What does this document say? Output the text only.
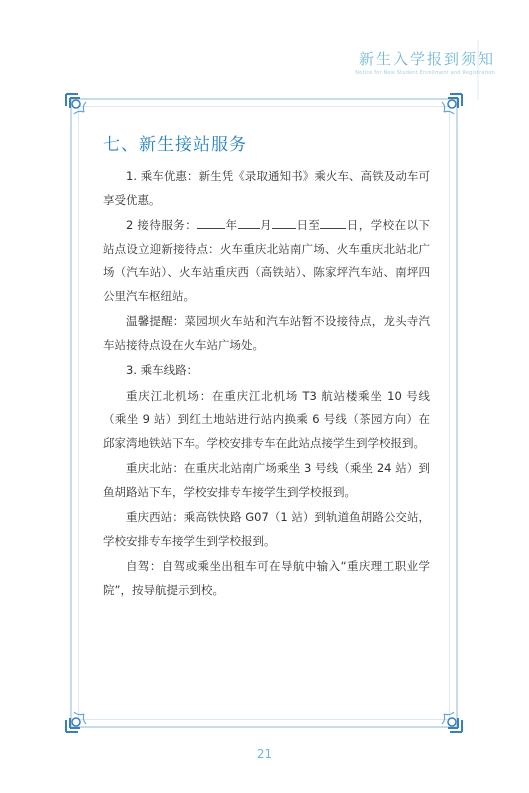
新生入学报到须知
Notice for New Student Enrollment and Registration
七、新生接站服务

1. 乘车优惠：新生凭《录取通知书》乘火车、高铁及动车可享受优惠。

2 接待服务： 年 月 日至 日，学校在以下站点设立迎新接待点：火车重庆北站南广场、火车重庆北站北广场（汽车站）、火车站重庆西（高铁站）、陈家坪汽车站、南坪四公里汽车枢纽站。

温馨提醒：菜园坝火车站和汽车站暂不设接待点，龙头寺汽车站接待点设在火车站广场处。

3. 乘车线路：

重庆江北机场：在重庆江北机场 T3 航站楼乘坐 10 号线（乘坐 9 站）到红土地站进行站内换乘 6 号线（茶园方向）在邱家湾地铁站下车。学校安排专车在此站点接学生到学校报到。

重庆北站：在重庆北站南广场乘坐 3 号线（乘坐 24 站）到鱼胡路站下车，学校安排专车接学生到学校报到。

重庆西站：乘高铁快路 G07（1 站）到轨道鱼胡路公交站，学校安排专车接学生到学校报到。

自驾：自驾或乘坐出租车可在导航中输入“重庆理工职业学院”，按导航提示到校。

21
